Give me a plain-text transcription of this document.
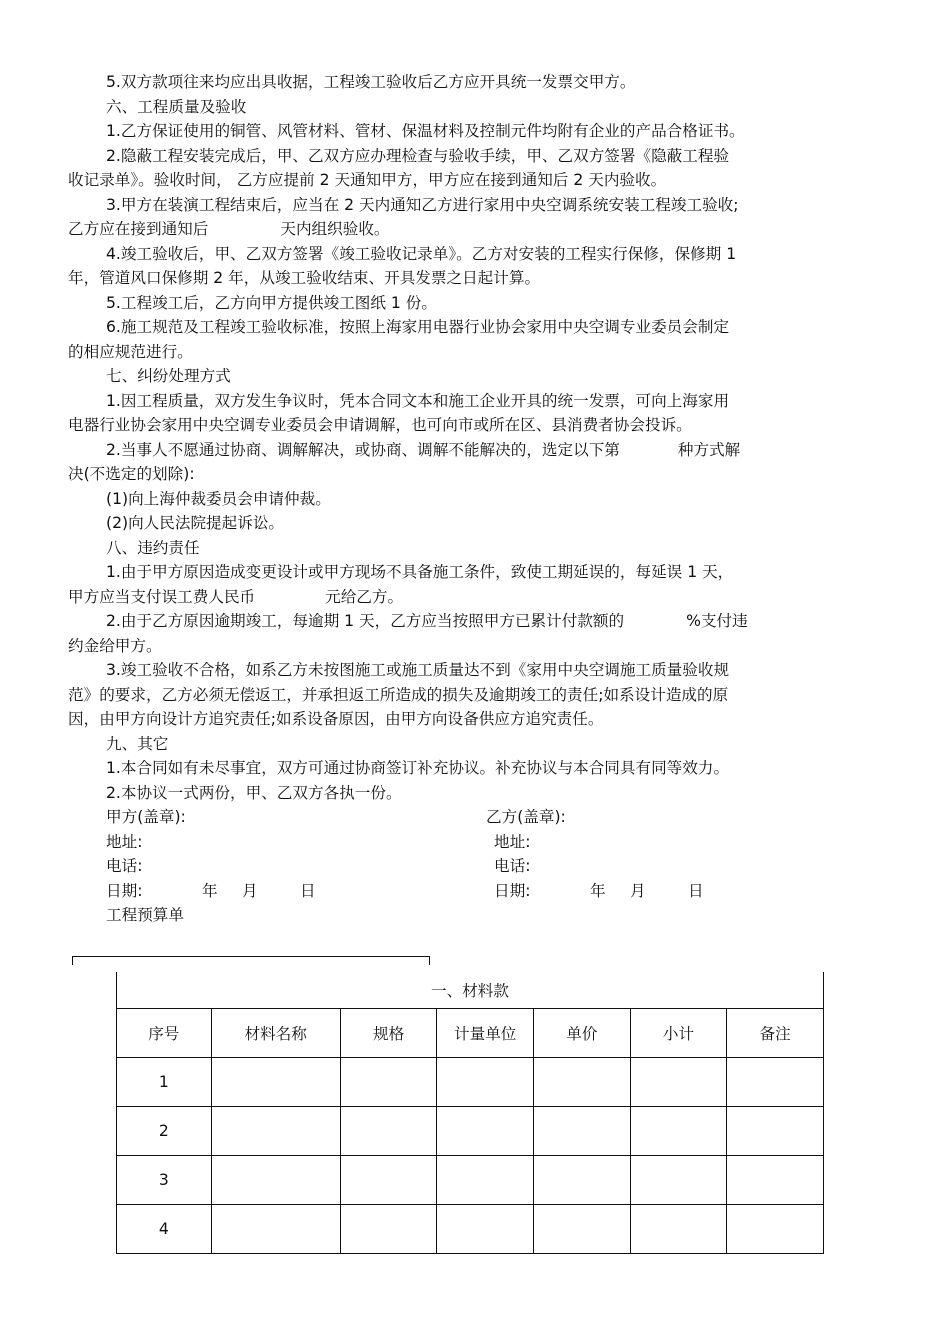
5.双方款项往来均应出具收据，工程竣工验收后乙方应开具统一发票交甲方。

六、工程质量及验收

1.乙方保证使用的铜管、风管材料、管材、保温材料及控制元件均附有企业的产品合格证书。

2.隐蔽工程安装完成后，甲、乙双方应办理检查与验收手续，甲、乙双方签署《隐蔽工程验

收记录单》。验收时间， 乙方应提前 2 天通知甲方，甲方应在接到通知后 2 天内验收。

3.甲方在装演工程结束后，应当在 2 天内通知乙方进行家用中央空调系统安装工程竣工验收;

乙方应在接到通知后	天内组织验收。

4.竣工验收后，甲、乙双方签署《竣工验收记录单》。乙方对安装的工程实行保修，保修期 1

年，管道风口保修期 2 年，从竣工验收结束、开具发票之日起计算。

5.工程竣工后，乙方向甲方提供竣工图纸 1 份。

6.施工规范及工程竣工验收标准，按照上海家用电器行业协会家用中央空调专业委员会制定

的相应规范进行。

七、纠纷处理方式

1.因工程质量，双方发生争议时，凭本合同文本和施工企业开具的统一发票，可向上海家用

电器行业协会家用中央空调专业委员会申请调解，也可向市或所在区、县消费者协会投诉。

2.当事人不愿通过协商、调解解决，或协商、调解不能解决的，选定以下第	种方式解

决(不选定的划除):

(1)向上海仲裁委员会申请仲裁。

(2)向人民法院提起诉讼。

八、违约责任

1.由于甲方原因造成变更设计或甲方现场不具备施工条件，致使工期延误的，每延误 1 天，

甲方应当支付误工费人民币	元给乙方。

2.由于乙方原因逾期竣工，每逾期 1 天，乙方应当按照甲方已累计付款额的	%支付违

约金给甲方。

3.竣工验收不合格，如系乙方未按图施工或施工质量达不到《家用中央空调施工质量验收规

范》的要求，乙方必须无偿返工，并承担返工所造成的损失及逾期竣工的责任;如系设计造成的原

因，由甲方向设计方追究责任;如系设备原因，由甲方向设备供应方追究责任。

九、其它

1.本合同如有未尽事宜，双方可通过协商签订补充协议。补充协议与本合同具有同等效力。

2.本协议一式两份，甲、乙双方各执一份。

甲方(盖章):	乙方(盖章):
地址:	地址:
电话:	电话:
日期:	年 月	日	日期:	年 月	日

工程预算单

一、材料款						
序号	材料名称	规格	计量单位	单价	小计	备注
1						
2						
3						
4						
